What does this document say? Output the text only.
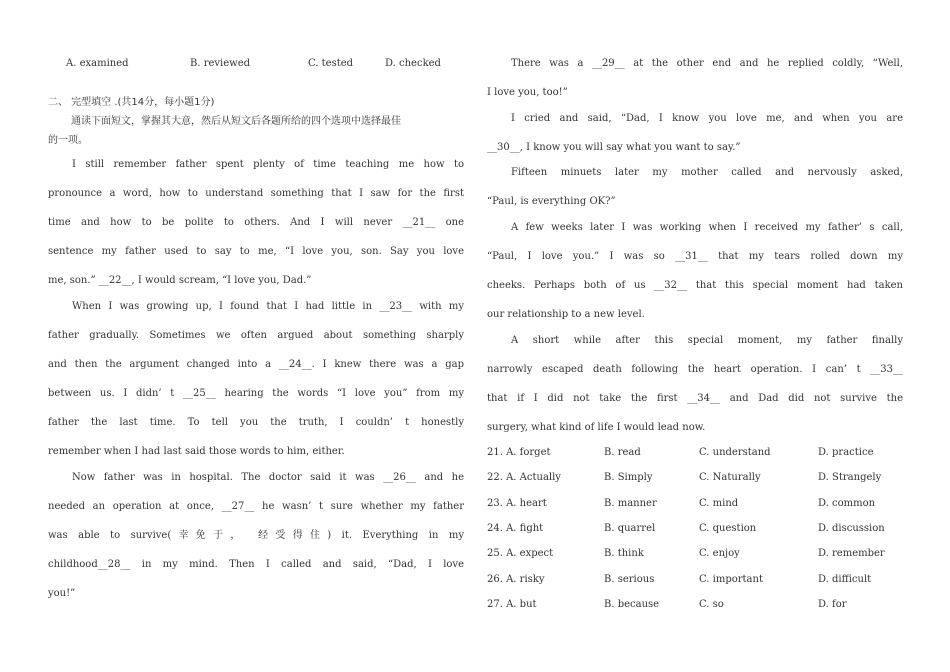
A. examined	B. reviewed	C. tested	D. checked
二、 完型填空 .(共14分，每小题1分)
通读下面短文，掌握其大意，然后从短文后各题所给的四个选项中选择最佳
的一项。
I still remember father spent plenty of time teaching me how to
pronounce a word, how to understand something that I saw for the first
time and how to be polite to others. And I will never __21__ one
sentence my father used to say to me, “I love you, son. Say you love
me, son.” __22__, I would scream, “I love you, Dad.”
When I was growing up, I found that I had little in __23__ with my
father gradually. Sometimes we often argued about something sharply
and then the argument changed into a __24__. I knew there was a gap
between us. I didn’ t __25__ hearing the words “I love you” from my
father the last time. To tell you the truth, I couldn’ t honestly
remember when I had last said those words to him, either.
Now father was in hospital. The doctor said it was __26__ and he
needed an operation at once, __27__ he wasn’ t sure whether my father
was able to survive(幸免于， 经受得住) it. Everything in my
childhood__28__ in my mind. Then I called and said, “Dad, I love
you!”
There was a __29__ at the other end and he replied coldly, “Well,
I love you, too!”
I cried and said, “Dad, I know you love me, and when you are
__30__, I know you will say what you want to say.”
Fifteen minuets later my mother called and nervously asked,
“Paul, is everything OK?”
A few weeks later I was working when I received my father’ s call,
“Paul, I love you.” I was so __31__ that my tears rolled down my
cheeks. Perhaps both of us __32__ that this special moment had taken
our relationship to a new level.
A short while after this special moment, my father finally
narrowly escaped death following the heart operation. I can’ t __33__
that if I did not take the first __34__ and Dad did not survive the
surgery, what kind of life I would lead now.
21. A. forget	B. read	C. understand	D. practice
22. A. Actually	B. Simply	C. Naturally	D. Strangely
23. A. heart	B. manner	C. mind	D. common
24. A. fight	B. quarrel	C. question	D. discussion
25. A. expect	B. think	C. enjoy	D. remember
26. A. risky	B. serious	C. important	D. difficult
27. A. but	B. because	C. so	D. for
